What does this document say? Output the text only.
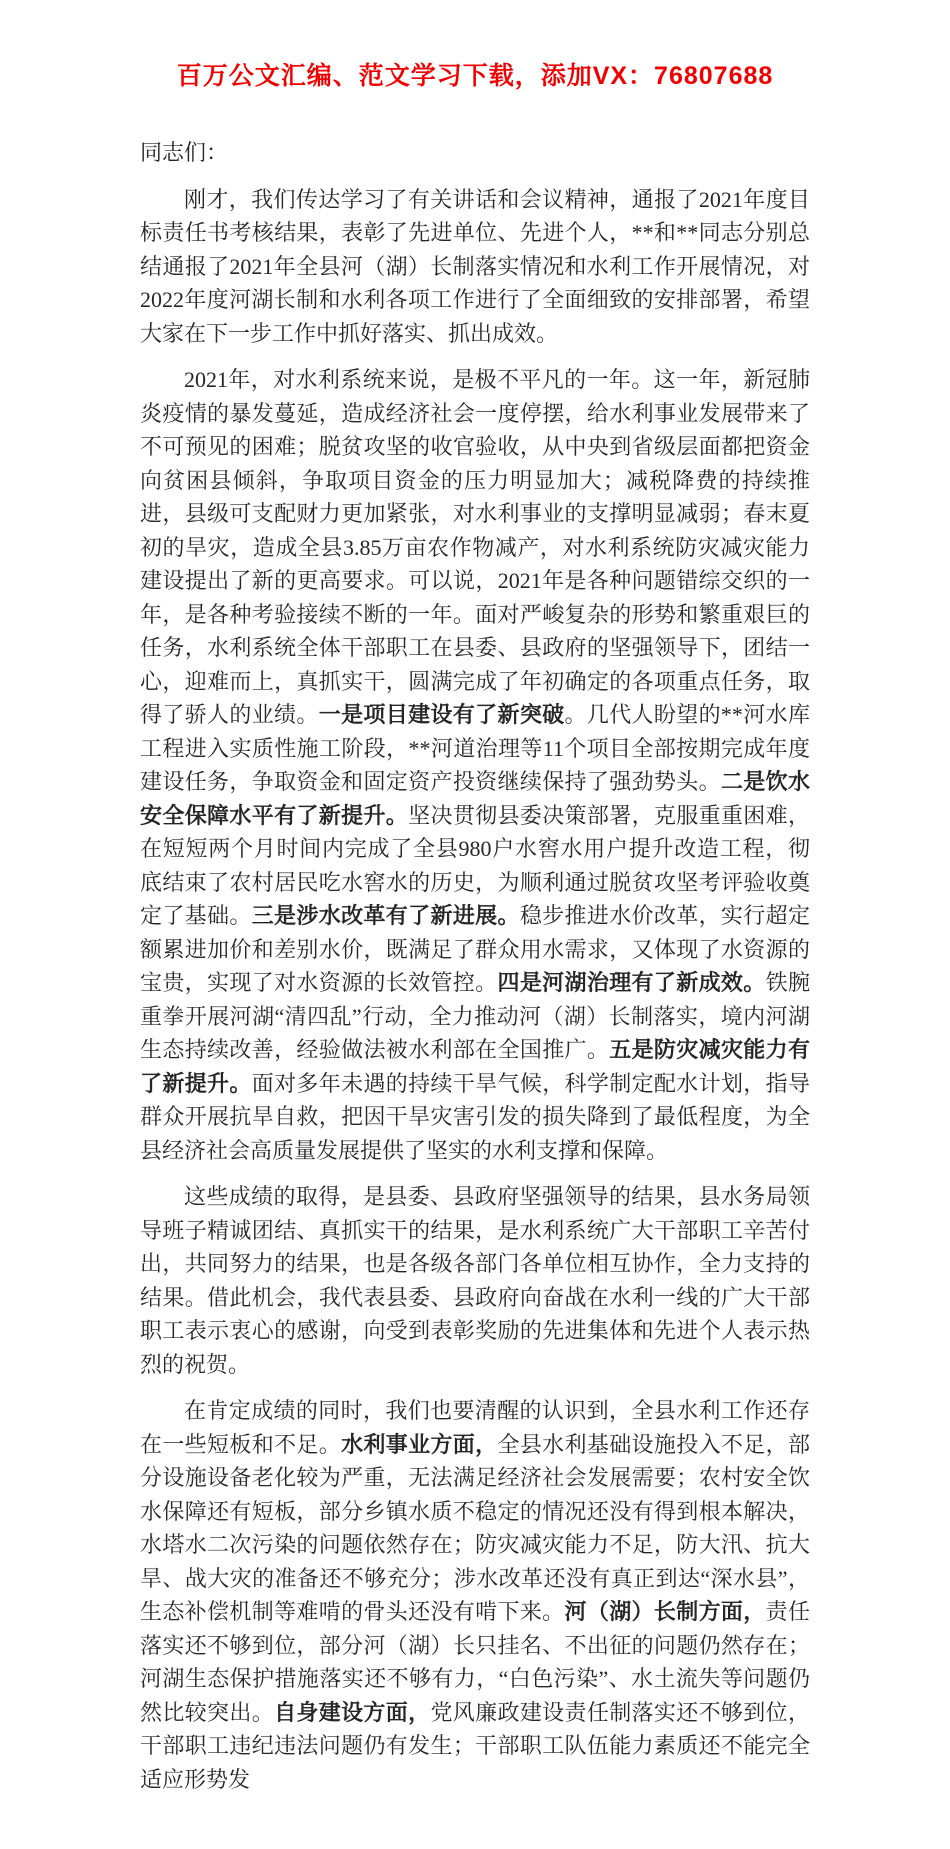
百万公文汇编、范文学习下载，添加VX：76807688

同志们：

刚才，我们传达学习了有关讲话和会议精神，通报了2021年度目标责任书考核结果，表彰了先进单位、先进个人，**和**同志分别总结通报了2021年全县河（湖）长制落实情况和水利工作开展情况，对2022年度河湖长制和水利各项工作进行了全面细致的安排部署，希望大家在下一步工作中抓好落实、抓出成效。

2021年，对水利系统来说，是极不平凡的一年。这一年，新冠肺炎疫情的暴发蔓延，造成经济社会一度停摆，给水利事业发展带来了不可预见的困难；脱贫攻坚的收官验收，从中央到省级层面都把资金向贫困县倾斜，争取项目资金的压力明显加大；减税降费的持续推进，县级可支配财力更加紧张，对水利事业的支撑明显减弱；春末夏初的旱灾，造成全县3.85万亩农作物减产，对水利系统防灾减灾能力建设提出了新的更高要求。可以说，2021年是各种问题错综交织的一年，是各种考验接续不断的一年。面对严峻复杂的形势和繁重艰巨的任务，水利系统全体干部职工在县委、县政府的坚强领导下，团结一心，迎难而上，真抓实干，圆满完成了年初确定的各项重点任务，取得了骄人的业绩。一是项目建设有了新突破。几代人盼望的**河水库工程进入实质性施工阶段，**河道治理等11个项目全部按期完成年度建设任务，争取资金和固定资产投资继续保持了强劲势头。二是饮水安全保障水平有了新提升。坚决贯彻县委决策部署，克服重重困难，在短短两个月时间内完成了全县980户水窖水用户提升改造工程，彻底结束了农村居民吃水窖水的历史，为顺利通过脱贫攻坚考评验收奠定了基础。三是涉水改革有了新进展。稳步推进水价改革，实行超定额累进加价和差别水价，既满足了群众用水需求，又体现了水资源的宝贵，实现了对水资源的长效管控。四是河湖治理有了新成效。铁腕重拳开展河湖“清四乱”行动，全力推动河（湖）长制落实，境内河湖生态持续改善，经验做法被水利部在全国推广。五是防灾减灾能力有了新提升。面对多年未遇的持续干旱气候，科学制定配水计划，指导群众开展抗旱自救，把因干旱灾害引发的损失降到了最低程度，为全县经济社会高质量发展提供了坚实的水利支撑和保障。

这些成绩的取得，是县委、县政府坚强领导的结果，县水务局领导班子精诚团结、真抓实干的结果，是水利系统广大干部职工辛苦付出，共同努力的结果，也是各级各部门各单位相互协作，全力支持的结果。借此机会，我代表县委、县政府向奋战在水利一线的广大干部职工表示衷心的感谢，向受到表彰奖励的先进集体和先进个人表示热烈的祝贺。

在肯定成绩的同时，我们也要清醒的认识到，全县水利工作还存在一些短板和不足。水利事业方面，全县水利基础设施投入不足，部分设施设备老化较为严重，无法满足经济社会发展需要；农村安全饮水保障还有短板，部分乡镇水质不稳定的情况还没有得到根本解决，水塔水二次污染的问题依然存在；防灾减灾能力不足，防大汛、抗大旱、战大灾的准备还不够充分；涉水改革还没有真正到达“深水县”，生态补偿机制等难啃的骨头还没有啃下来。河（湖）长制方面，责任落实还不够到位，部分河（湖）长只挂名、不出征的问题仍然存在；河湖生态保护措施落实还不够有力，“白色污染”、水土流失等问题仍然比较突出。自身建设方面，党风廉政建设责任制落实还不够到位，干部职工违纪违法问题仍有发生；干部职工队伍能力素质还不能完全适应形势发
